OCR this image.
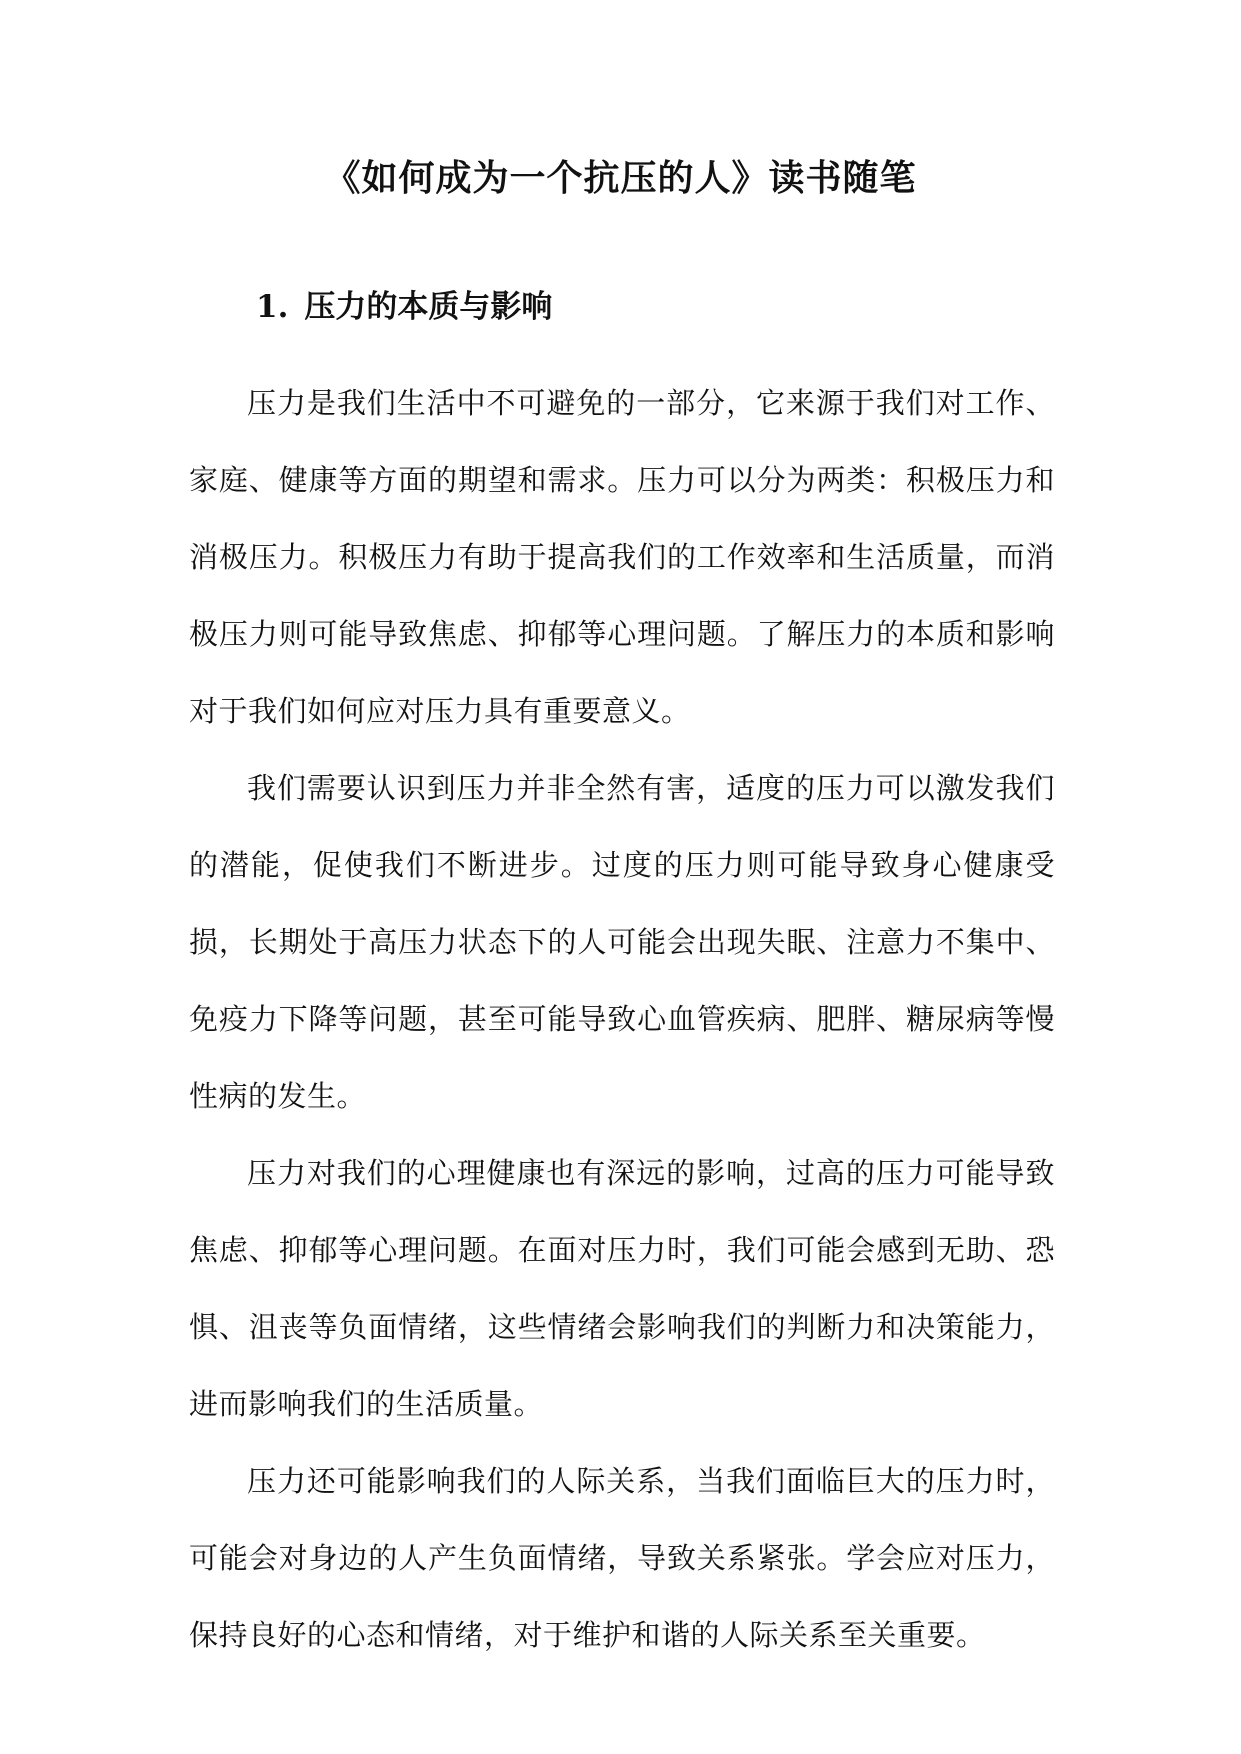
《如何成为一个抗压的人》读书随笔
1. 压力的本质与影响

压力是我们生活中不可避免的一部分，它来源于我们对工作、家庭、健康等方面的期望和需求。压力可以分为两类：积极压力和消极压力。积极压力有助于提高我们的工作效率和生活质量，而消极压力则可能导致焦虑、抑郁等心理问题。了解压力的本质和影响对于我们如何应对压力具有重要意义。

我们需要认识到压力并非全然有害，适度的压力可以激发我们的潜能，促使我们不断进步。过度的压力则可能导致身心健康受损，长期处于高压力状态下的人可能会出现失眠、注意力不集中、免疫力下降等问题，甚至可能导致心血管疾病、肥胖、糖尿病等慢性病的发生。

压力对我们的心理健康也有深远的影响，过高的压力可能导致焦虑、抑郁等心理问题。在面对压力时，我们可能会感到无助、恐惧、沮丧等负面情绪，这些情绪会影响我们的判断力和决策能力，进而影响我们的生活质量。

压力还可能影响我们的人际关系，当我们面临巨大的压力时，可能会对身边的人产生负面情绪，导致关系紧张。学会应对压力，保持良好的心态和情绪，对于维护和谐的人际关系至关重要。
